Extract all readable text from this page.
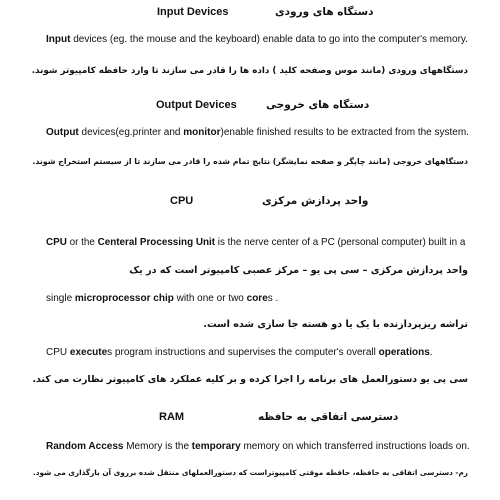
Input Devices	دستگاه های ورودی
Input devices (eg. the mouse and the keyboard) enable data to go into the computer's memory.
دستگاههای ورودی (مانند موس وصفحه کلید ) داده ها را قادر می سازند تا وارد حافظه کامپیوتر شوند.
Output Devices	دستگاه های خروجی
Output devices(eg.printer and monitor)enable finished results to be extracted from the system.
دستگاههای خروجی (مانند چاپگر و صفحه نمایشگر) نتایج تمام شده را قادر می سازند تا از سیستم استخراج شوند.
CPU	واحد پردازش مرکزی
CPU or the Centeral Processing Unit is the nerve center of a PC (personal computer) built in a
واحد پردازش مرکزی – سی پی یو – مرکز عصبی کامپیوتر است که در یک
single microprocessor chip with one or two cores .
تراشه ریزپردازنده با یک یا دو هسته جا سازی شده است.
CPU executes program instructions and supervises the computer's overall operations.
سی پی یو دستورالعمل های برنامه را اجرا کرده و بر کلیه عملکرد های کامپیوتر نظارت می کند.
RAM	دسترسی اتفاقی به حافظه
Random Access Memory is the temporary memory on which transferred instructions loads on.
رم- دسترسی اتفاقی به حافظه، حافظه موقتی کامپیوتراست که دستورالعملهای منتقل شده برروی آن بارگذاری می شود.
